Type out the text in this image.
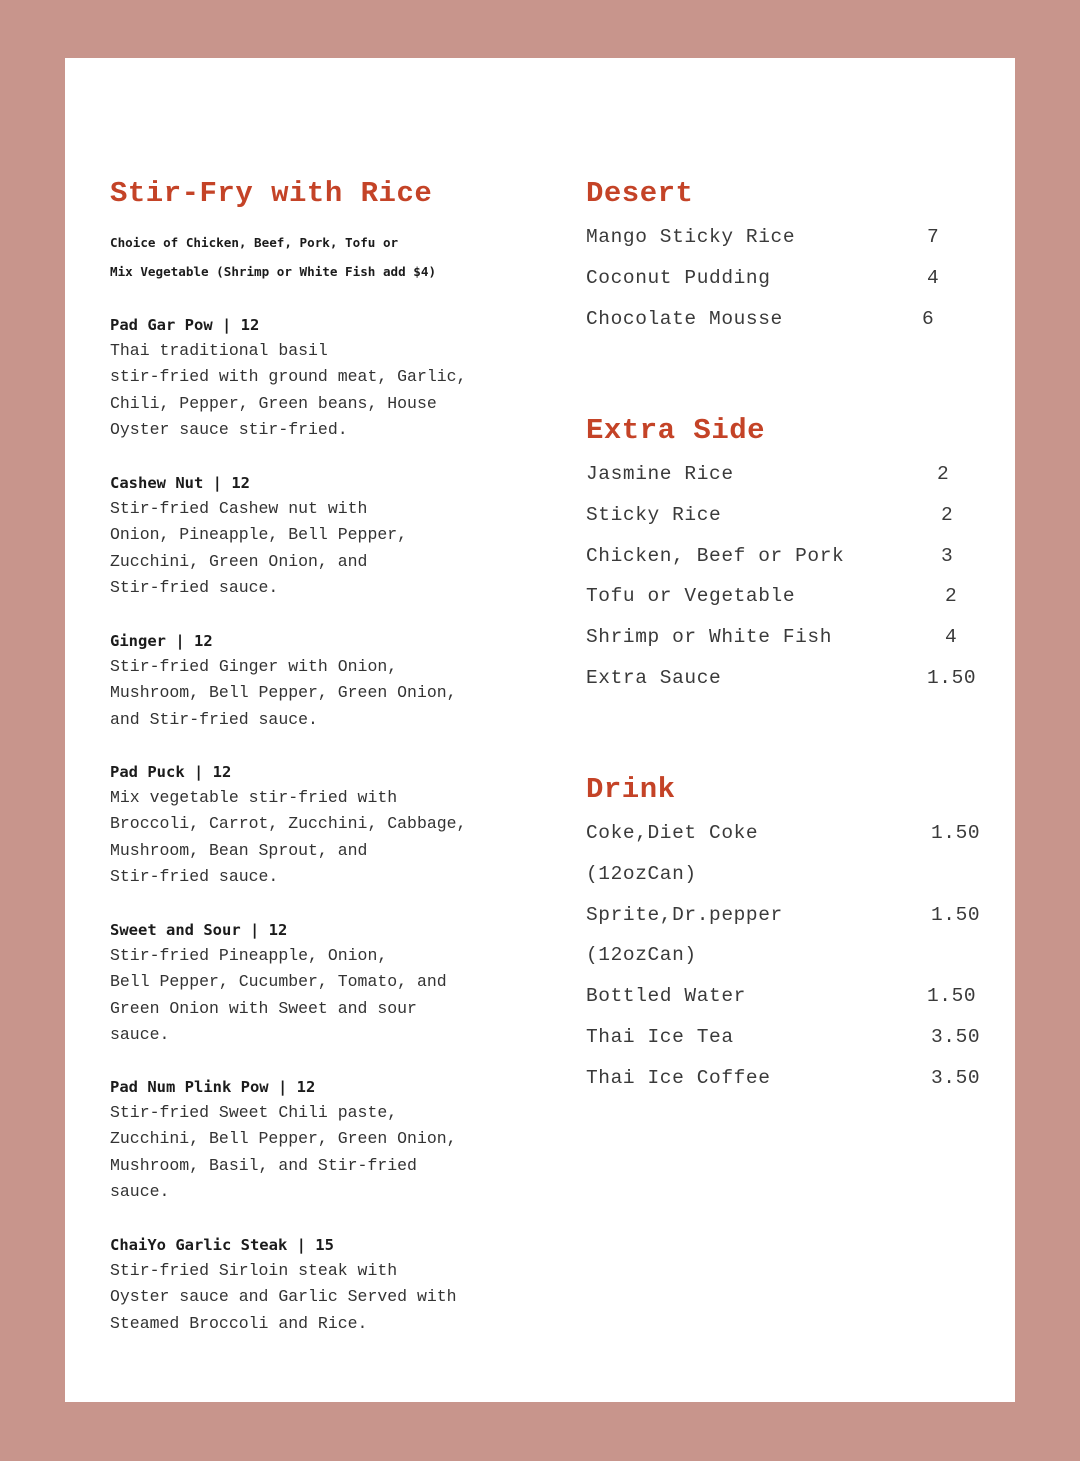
Stir-Fry with Rice
Choice of Chicken, Beef, Pork, Tofu or
Mix Vegetable (Shrimp or White Fish add $4)
Pad Gar Pow | 12
Thai traditional basil
stir-fried with ground meat, Garlic,
Chili, Pepper, Green beans, House
Oyster sauce stir-fried.
Cashew Nut | 12
Stir-fried Cashew nut with
Onion, Pineapple, Bell Pepper,
Zucchini, Green Onion, and
Stir-fried sauce.
Ginger | 12
Stir-fried Ginger with Onion,
Mushroom, Bell Pepper, Green Onion,
and Stir-fried sauce.
Pad Puck | 12
Mix vegetable stir-fried with
Broccoli, Carrot, Zucchini, Cabbage,
Mushroom, Bean Sprout, and
Stir-fried sauce.
Sweet and Sour | 12
Stir-fried Pineapple, Onion,
Bell Pepper, Cucumber, Tomato, and
Green Onion with Sweet and sour
sauce.
Pad Num Plink Pow | 12
Stir-fried Sweet Chili paste,
Zucchini, Bell Pepper, Green Onion,
Mushroom, Basil, and Stir-fried
sauce.
ChaiYo Garlic Steak | 15
Stir-fried Sirloin steak with
Oyster sauce and Garlic Served with
Steamed Broccoli and Rice.
Desert
Mango Sticky Rice	7
Coconut Pudding	4
Chocolate Mousse	6
Extra Side
Jasmine Rice	2
Sticky Rice	2
Chicken, Beef or Pork	3
Tofu or Vegetable	2
Shrimp or White Fish	4
Extra Sauce	1.50
Drink
Coke,Diet Coke	1.50
(12ozCan)
Sprite,Dr.pepper	1.50
(12ozCan)
Bottled Water	1.50
Thai Ice Tea	3.50
Thai Ice Coffee	3.50
